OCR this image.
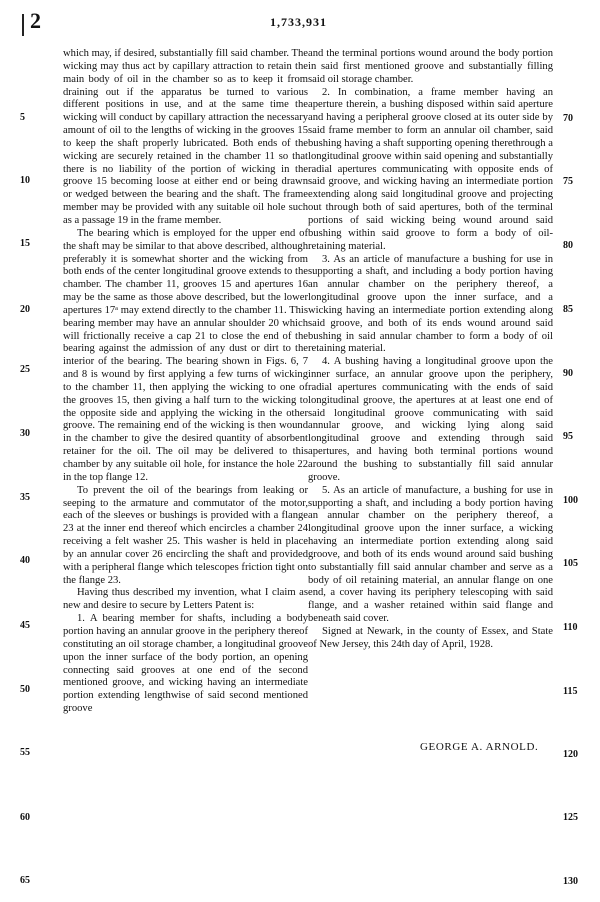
2	1,733,931

which may, if desired, substantially fill said chamber. The wicking may thus act by capillary attraction to retain the main body of oil in the chamber so as to keep it from draining out if the apparatus be turned to various different positions in use, and at the same time the wicking will conduct by capillary attraction the necessary amount of oil to the lengths of wicking in the grooves 15 to keep the shaft properly lubricated. Both ends of the wicking are securely retained in the chamber 11 so that there is no liability of the portion of wicking in the groove 15 becoming loose at either end or being drawn or wedged between the bearing and the shaft. The frame member may be provided with any suitable oil hole such as a passage 19 in the frame member.

The bearing which is employed for the upper end of the shaft may be similar to that above described, although preferably it is somewhat shorter and the wicking from both ends of the center longitudinal groove extends to the chamber. The chamber 11, grooves 15 and apertures 16 may be the same as those above described, but the lower apertures 17ᵃ may extend directly to the chamber 11. This bearing member may have an annular shoulder 20 which will frictionally receive a cap 21 to close the end of the bearing against the admission of any dust or dirt to the interior of the bearing. The bearing shown in Figs. 6, 7 and 8 is wound by first applying a few turns of wicking to the chamber 11, then applying the wicking to one of the grooves 15, then giving a half turn to the wicking to the opposite side and applying the wicking in the other groove. The remaining end of the wicking is then wound in the chamber to give the desired quantity of absorbent retainer for the oil. The oil may be delivered to this chamber by any suitable oil hole, for instance the hole 22 in the top flange 12.

To prevent the oil of the bearings from leaking or seeping to the armature and commutator of the motor, each of the sleeves or bushings is provided with a flange 23 at the inner end thereof which encircles a chamber 24 receiving a felt washer 25. This washer is held in place by an annular cover 26 encircling the shaft and provided with a peripheral flange which telescopes friction tight on the flange 23.

Having thus described my invention, what I claim as new and desire to secure by Letters Patent is:

1. A bearing member for shafts, including a body portion having an annular groove in the periphery thereof constituting an oil storage chamber, a longitudinal groove upon the inner surface of the body portion, an opening connecting said grooves at one end of the second mentioned groove, and wicking having an intermediate portion extending lengthwise of said second mentioned groove

and the terminal portions wound around the body portion in said first mentioned groove and substantially filling said oil storage chamber.

2. In combination, a frame member having an aperture therein, a bushing disposed within said aperture and having a peripheral groove closed at its outer side by said frame member to form an annular oil chamber, said bushing having a shaft supporting opening therethrough a longitudinal groove within said opening and substantially radial apertures communicating with opposite ends of said groove, and wicking having an intermediate portion extending along said longitudinal groove and projecting out through both of said apertures, both of the terminal portions of said wicking being wound around said bushing within said groove to form a body of oil-retaining material.

3. As an article of manufacture a bushing for use in supporting a shaft, and including a body portion having an annular chamber on the periphery thereof, a longitudinal groove upon the inner surface, and a wicking having an intermediate portion extending along said groove, and both of its ends wound around said bushing in said annular chamber to form a body of oil retaining material.

4. A bushing having a longitudinal groove upon the inner surface, an annular groove upon the periphery, radial apertures communicating with the ends of said longitudinal groove, the apertures at at least one end of said longitudinal groove communicating with said annular groove, and wicking lying along said longitudinal groove and extending through said apertures, and having both terminal portions wound around the bushing to substantially fill said annular groove.

5. As an article of manufacture, a bushing for use in supporting a shaft, and including a body portion having an annular chamber on the periphery thereof, a longitudinal groove upon the inner surface, a wicking having an intermediate portion extending along said groove, and both of its ends wound around said bushing to substantially fill said annular chamber and serve as a body of oil retaining material, an annular flange on one end, a cover having its periphery telescoping with said flange, and a washer retained within said flange and beneath said cover.

Signed at Newark, in the county of Essex, and State of New Jersey, this 24th day of April, 1928.

GEORGE A. ARNOLD.
5
10
15
20
25
30
35
40
45
50
55
60
65
70
75
80
85
90
95
100
105
110
115
120
125
130
